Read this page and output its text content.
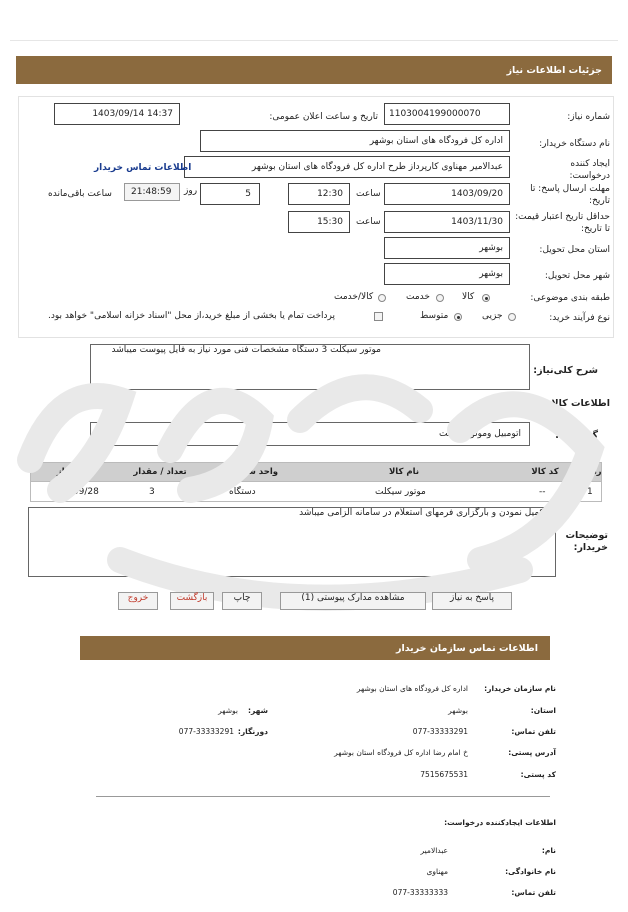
جزئیات اطلاعات نیاز
شماره نیاز:
1103004199000070
تاریخ و ساعت اعلان عمومی:
1403/09/14 14:37
نام دستگاه خریدار:
اداره کل فرودگاه های استان بوشهر
ایجاد کننده درخواست:
عبدالامیر مهناوی کارپرداز طرح اداره کل فرودگاه های استان بوشهر
اطلاعات تماس خریدار
مهلت ارسال پاسخ: تا تاریخ:
1403/09/20
ساعت
12:30
5
روز
21:48:59
ساعت باقی‌مانده
حداقل تاریخ اعتبار قیمت: تا تاریخ:
1403/11/30
ساعت
15:30
استان محل تحویل:
بوشهر
شهر محل تحویل:
بوشهر
طبقه بندی موضوعی:
کالا
خدمت
کالا/خدمت
نوع فرآیند خرید:
جزیی
متوسط
پرداخت تمام یا بخشی از مبلغ خرید،از محل "اسناد خزانه اسلامی" خواهد بود.
شرح کلی‌نیاز:
موتور سیکلت 3 دستگاه مشخصات فنی مورد نیاز به فایل پیوست میباشد
اطلاعات کالاهای موردنیاز
گروه‌کالا:
اتومبیل وموتورسیکلت
ردیف
کد کالا
نام کالا
واحد شمارش
تعداد / مقدار
تاریخ نیاز
1
--
موتور سیکلت
دستگاه
3
1403/09/28
توضیحات خریدار:
تکمیل نمودن و بارگزاری فرمهای استعلام در سامانه الزامی میباشد
پاسخ به نیاز
مشاهده مدارک پیوستی (1)
چاپ
بازگشت
خروج
اطلاعات تماس سازمان خریدار
نام سازمان خریدار:
اداره کل فرودگاه های استان بوشهر
استان:
بوشهر
شهر:
بوشهر
تلفن تماس:
077-33333291
دورنگار:
077-33333291
آدرس پستی:
خ امام رضا اداره کل فرودگاه استان بوشهر
کد پستی:
7515675531
اطلاعات ایجادکننده درخواست:
نام:
عبدالامیر
نام خانوادگی:
مهناوی
تلفن تماس:
077-33333333
